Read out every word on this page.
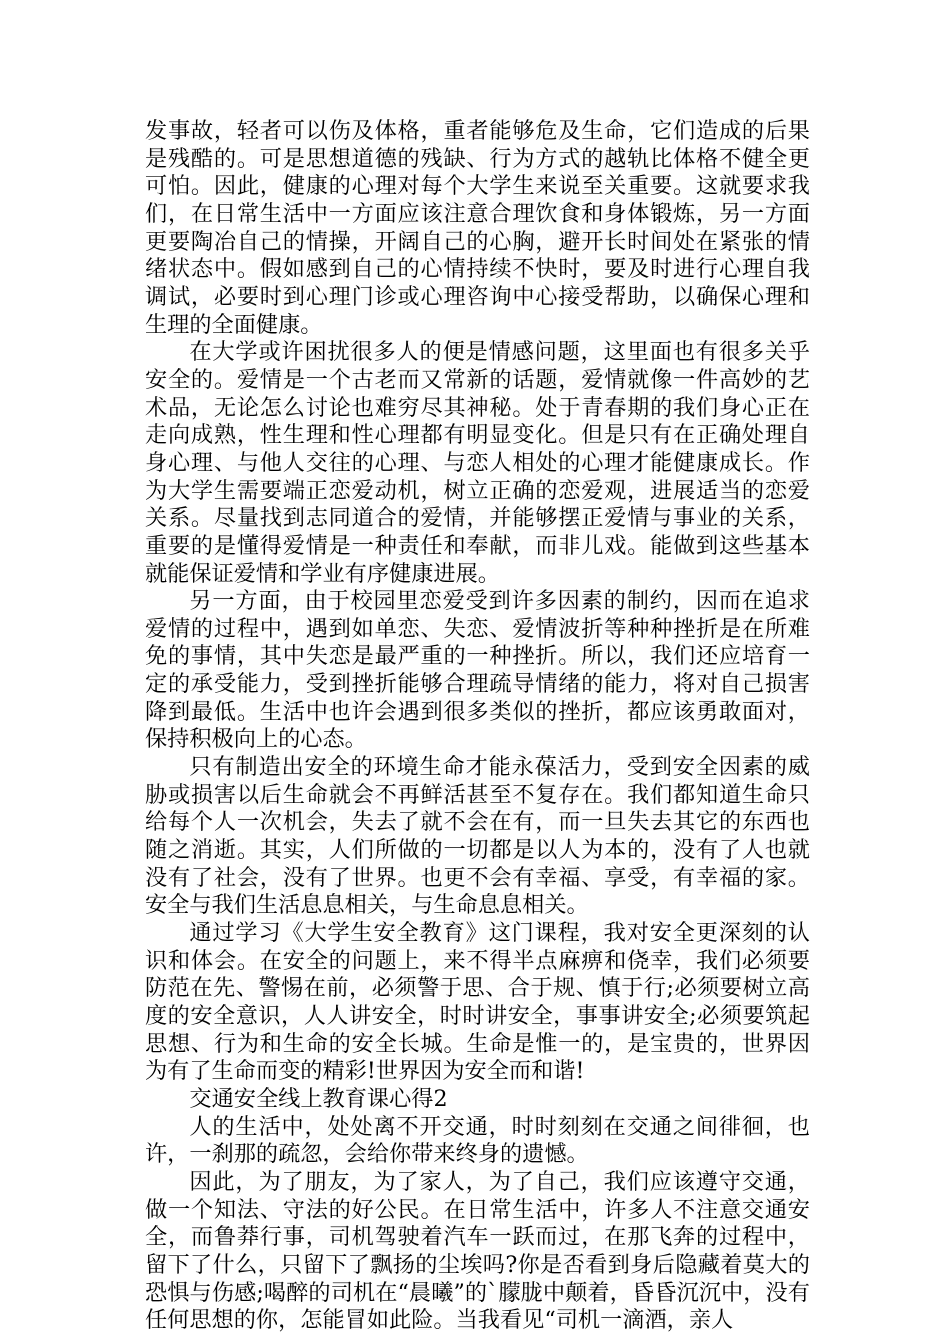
发事故，轻者可以伤及体格，重者能够危及生命，它们造成的后果是残酷的。可是思想道德的残缺、行为方式的越轨比体格不健全更可怕。因此，健康的心理对每个大学生来说至关重要。这就要求我们，在日常生活中一方面应该注意合理饮食和身体锻炼，另一方面更要陶冶自己的情操，开阔自己的心胸，避开长时间处在紧张的情绪状态中。假如感到自己的心情持续不快时，要及时进行心理自我调试，必要时到心理门诊或心理咨询中心接受帮助，以确保心理和生理的全面健康。

在大学或许困扰很多人的便是情感问题，这里面也有很多关乎安全的。爱情是一个古老而又常新的话题，爱情就像一件高妙的艺术品，无论怎么讨论也难穷尽其神秘。处于青春期的我们身心正在走向成熟，性生理和性心理都有明显变化。但是只有在正确处理自身心理、与他人交往的心理、与恋人相处的心理才能健康成长。作为大学生需要端正恋爱动机，树立正确的恋爱观，进展适当的恋爱关系。尽量找到志同道合的爱情，并能够摆正爱情与事业的关系，重要的是懂得爱情是一种责任和奉献，而非儿戏。能做到这些基本就能保证爱情和学业有序健康进展。

另一方面，由于校园里恋爱受到许多因素的制约，因而在追求爱情的过程中，遇到如单恋、失恋、爱情波折等种种挫折是在所难免的事情，其中失恋是最严重的一种挫折。所以，我们还应培育一定的承受能力，受到挫折能够合理疏导情绪的能力，将对自己损害降到最低。生活中也许会遇到很多类似的挫折，都应该勇敢面对，保持积极向上的心态。

只有制造出安全的环境生命才能永葆活力，受到安全因素的威胁或损害以后生命就会不再鲜活甚至不复存在。我们都知道生命只给每个人一次机会，失去了就不会在有，而一旦失去其它的东西也随之消逝。其实，人们所做的一切都是以人为本的，没有了人也就没有了社会，没有了世界。也更不会有幸福、享受，有幸福的家。安全与我们生活息息相关，与生命息息相关。

通过学习《大学生安全教育》这门课程，我对安全更深刻的认识和体会。在安全的问题上，来不得半点麻痹和侥幸，我们必须要防范在先、警惕在前，必须警于思、合于规、慎于行;必须要树立高度的安全意识，人人讲安全，时时讲安全，事事讲安全;必须要筑起思想、行为和生命的安全长城。生命是惟一的，是宝贵的，世界因为有了生命而变的精彩!世界因为安全而和谐!

交通安全线上教育课心得2

人的生活中，处处离不开交通，时时刻刻在交通之间徘徊，也许，一刹那的疏忽，会给你带来终身的遗憾。

因此，为了朋友，为了家人，为了自己，我们应该遵守交通，做一个知法、守法的好公民。在日常生活中，许多人不注意交通安全，而鲁莽行事，司机驾驶着汽车一跃而过，在那飞奔的过程中，留下了什么，只留下了飘扬的尘埃吗?你是否看到身后隐藏着莫大的恐惧与伤感;喝醉的司机在“晨曦”的`朦胧中颠着，昏昏沉沉中，没有任何思想的你，怎能冒如此险。当我看见“司机一滴酒，亲人
